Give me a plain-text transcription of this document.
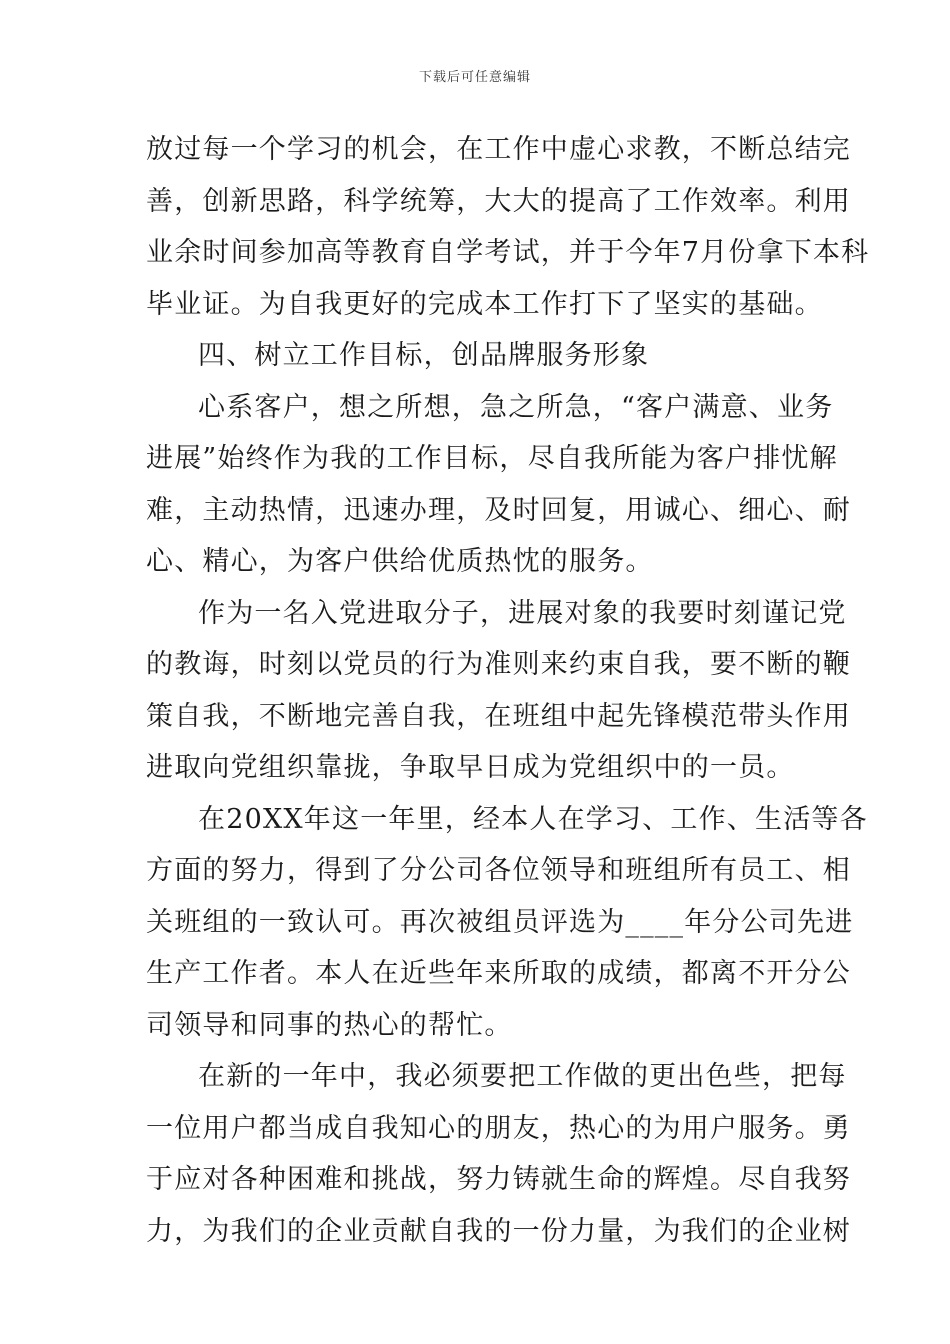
下载后可任意编辑
放过每一个学习的机会，在工作中虚心求教，不断总结完
善，创新思路，科学统筹，大大的提高了工作效率。利用
业余时间参加高等教育自学考试，并于今年7月份拿下本科
毕业证。为自我更好的完成本工作打下了坚实的基础。
四、树立工作目标，创品牌服务形象
心系客户，想之所想，急之所急，“客户满意、业务
进展”始终作为我的工作目标，尽自我所能为客户排忧解
难，主动热情，迅速办理，及时回复，用诚心、细心、耐
心、精心，为客户供给优质热忱的服务。
作为一名入党进取分子，进展对象的我要时刻谨记党
的教诲，时刻以党员的行为准则来约束自我，要不断的鞭
策自我，不断地完善自我，在班组中起先锋模范带头作用
进取向党组织靠拢，争取早日成为党组织中的一员。
在20XX年这一年里，经本人在学习、工作、生活等各
方面的努力，得到了分公司各位领导和班组所有员工、相
关班组的一致认可。再次被组员评选为____年分公司先进
生产工作者。本人在近些年来所取的成绩，都离不开分公
司领导和同事的热心的帮忙。
在新的一年中，我必须要把工作做的更出色些，把每
一位用户都当成自我知心的朋友，热心的为用户服务。勇
于应对各种困难和挑战，努力铸就生命的辉煌。尽自我努
力，为我们的企业贡献自我的一份力量，为我们的企业树
